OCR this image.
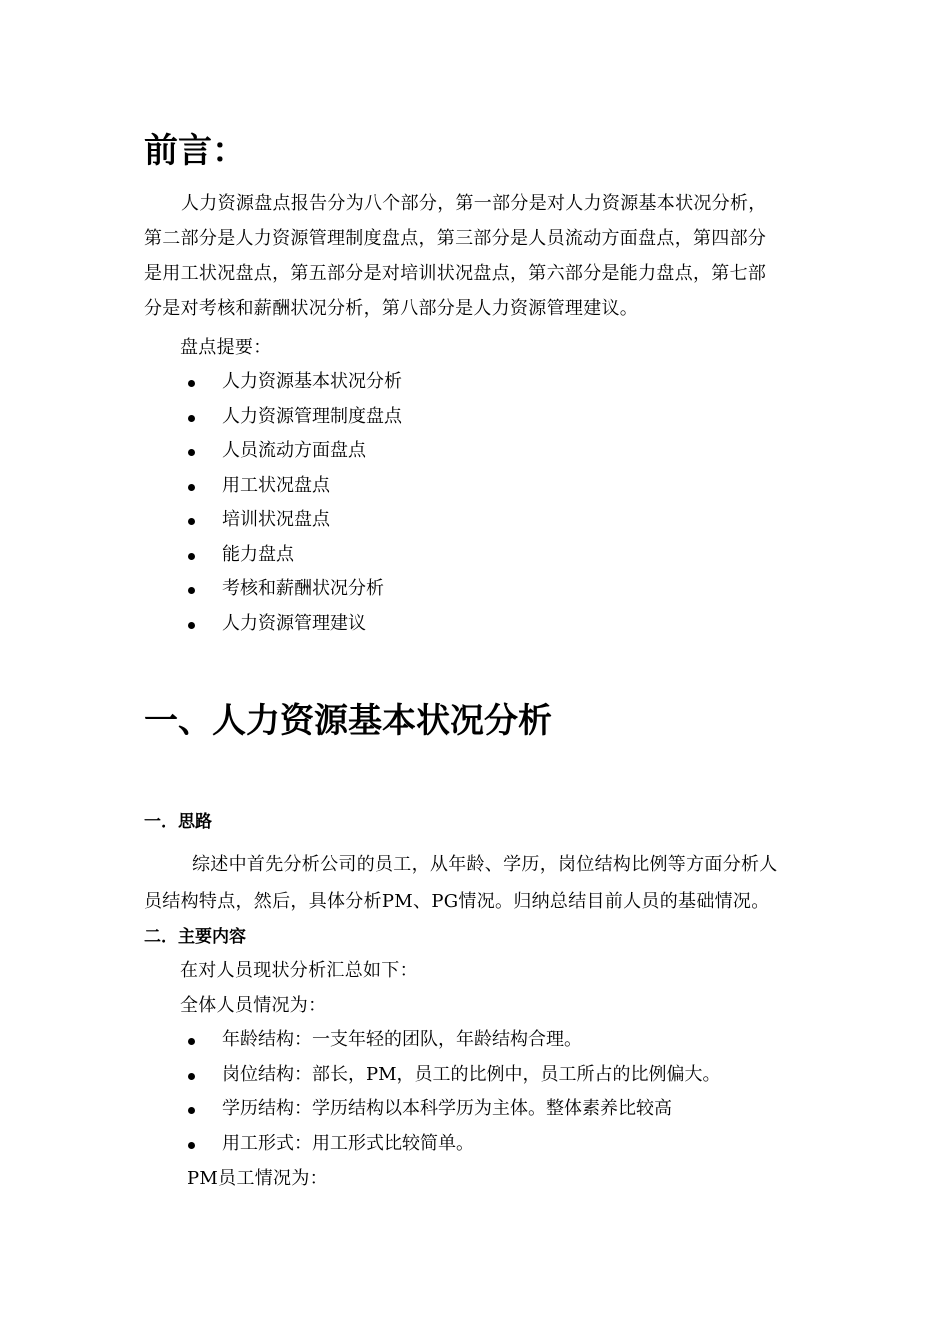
前言：
人力资源盘点报告分为八个部分，第一部分是对人力资源基本状况分析，
第二部分是人力资源管理制度盘点，第三部分是人员流动方面盘点，第四部分
是用工状况盘点，第五部分是对培训状况盘点，第六部分是能力盘点，第七部
分是对考核和薪酬状况分析，第八部分是人力资源管理建议。
盘点提要：
人力资源基本状况分析
人力资源管理制度盘点
人员流动方面盘点
用工状况盘点
培训状况盘点
能力盘点
考核和薪酬状况分析
人力资源管理建议
一、人力资源基本状况分析
一．思路
综述中首先分析公司的员工，从年龄、学历，岗位结构比例等方面分析人
员结构特点，然后，具体分析PM、PG情况。归纳总结目前人员的基础情况。
二．主要内容
在对人员现状分析汇总如下：
全体人员情况为：
年龄结构：一支年轻的团队，年龄结构合理。
岗位结构：部长，PM，员工的比例中，员工所占的比例偏大。
学历结构：学历结构以本科学历为主体。整体素养比较高
用工形式：用工形式比较简单。
PM员工情况为：
